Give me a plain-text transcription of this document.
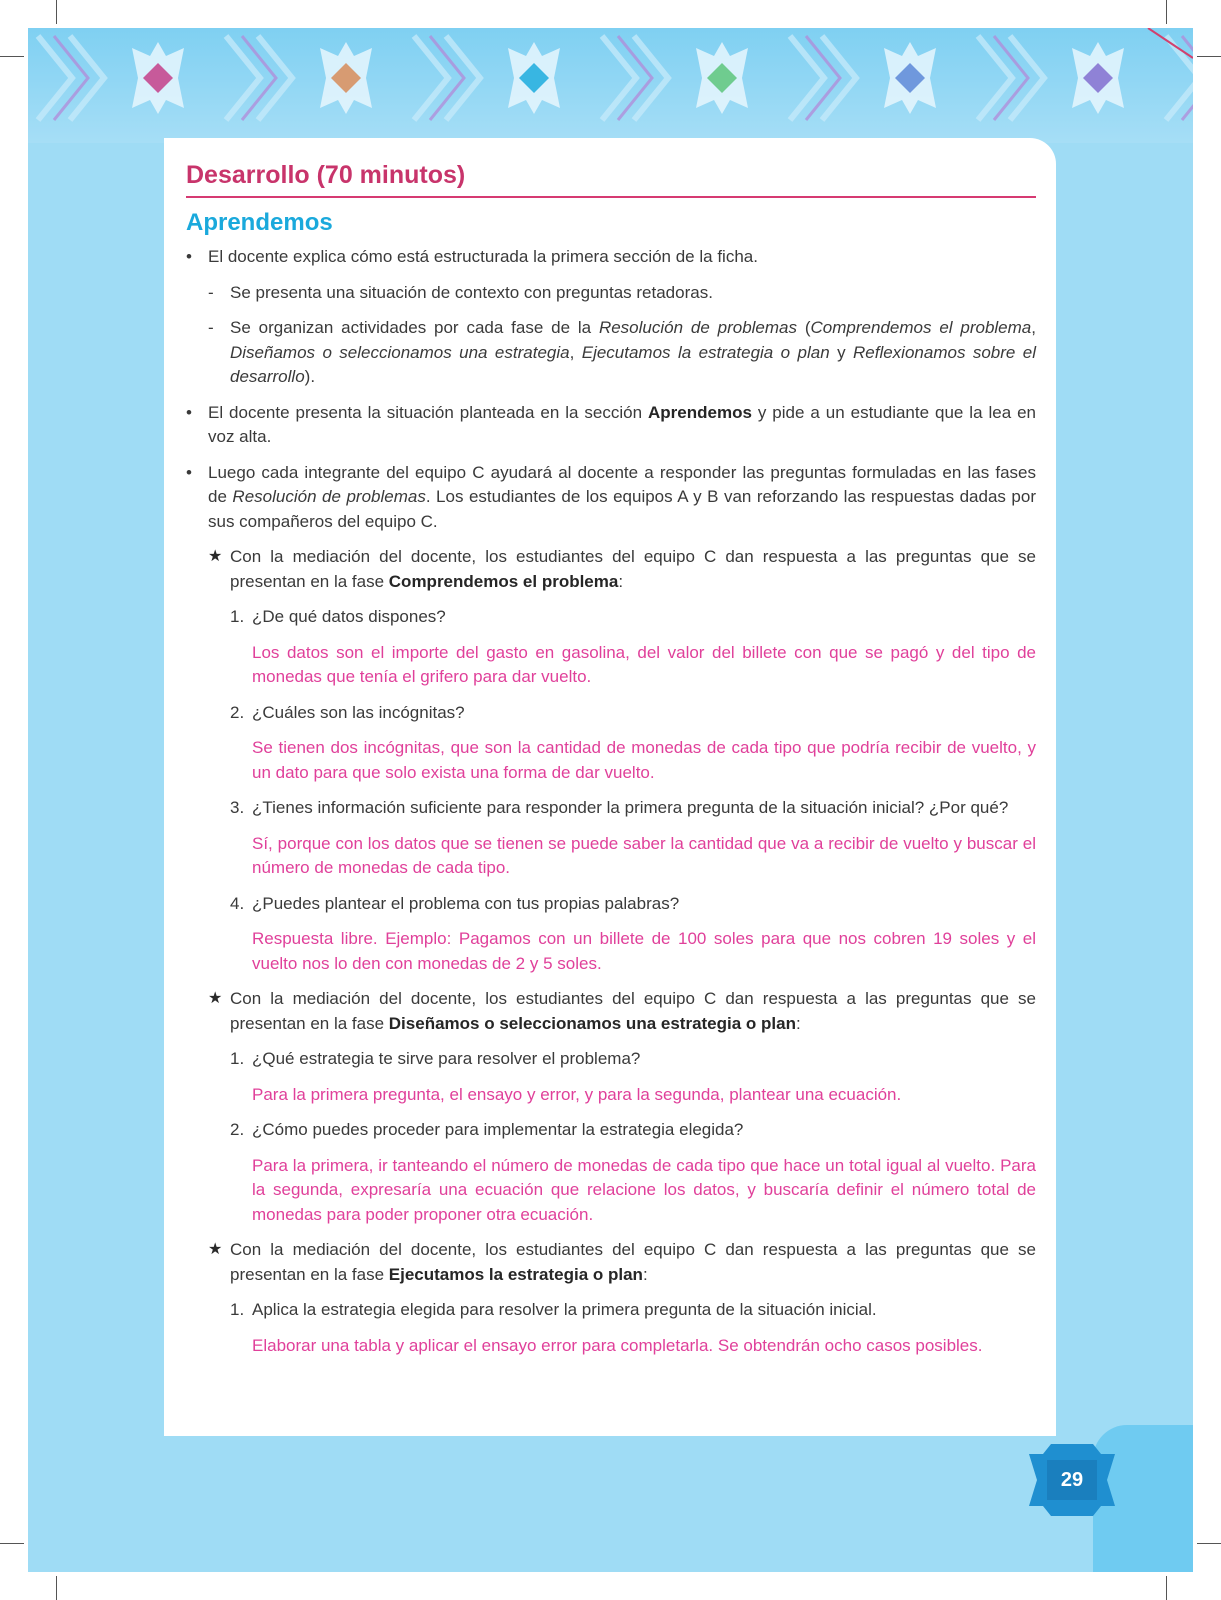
Desarrollo (70 minutos)
Aprendemos
• El docente explica cómo está estructurada la primera sección de la ficha.
- Se presenta una situación de contexto con preguntas retadoras.
- Se organizan actividades por cada fase de la Resolución de problemas (Comprendemos el problema, Diseñamos o seleccionamos una estrategia, Ejecutamos la estrategia o plan y Reflexionamos sobre el desarrollo).
• El docente presenta la situación planteada en la sección Aprendemos y pide a un estudiante que la lea en voz alta.
• Luego cada integrante del equipo C ayudará al docente a responder las preguntas formuladas en las fases de Resolución de problemas. Los estudiantes de los equipos A y B van reforzando las respuestas dadas por sus compañeros del equipo C.
★ Con la mediación del docente, los estudiantes del equipo C dan respuesta a las preguntas que se presentan en la fase Comprendemos el problema:
1. ¿De qué datos dispones?
Los datos son el importe del gasto en gasolina, del valor del billete con que se pagó y del tipo de monedas que tenía el grifero para dar vuelto.
2. ¿Cuáles son las incógnitas?
Se tienen dos incógnitas, que son la cantidad de monedas de cada tipo que podría recibir de vuelto, y un dato para que solo exista una forma de dar vuelto.
3. ¿Tienes información suficiente para responder la primera pregunta de la situación inicial? ¿Por qué?
Sí, porque con los datos que se tienen se puede saber la cantidad que va a recibir de vuelto y buscar el número de monedas de cada tipo.
4. ¿Puedes plantear el problema con tus propias palabras?
Respuesta libre. Ejemplo: Pagamos con un billete de 100 soles para que nos cobren 19 soles y el vuelto nos lo den con monedas de 2 y 5 soles.
★ Con la mediación del docente, los estudiantes del equipo C dan respuesta a las preguntas que se presentan en la fase Diseñamos o seleccionamos una estrategia o plan:
1. ¿Qué estrategia te sirve para resolver el problema?
Para la primera pregunta, el ensayo y error, y para la segunda, plantear una ecuación.
2. ¿Cómo puedes proceder para implementar la estrategia elegida?
Para la primera, ir tanteando el número de monedas de cada tipo que hace un total igual al vuelto. Para la segunda, expresaría una ecuación que relacione los datos, y buscaría definir el número total de monedas para poder proponer otra ecuación.
★ Con la mediación del docente, los estudiantes del equipo C dan respuesta a las preguntas que se presentan en la fase Ejecutamos la estrategia o plan:
1. Aplica la estrategia elegida para resolver la primera pregunta de la situación inicial.
Elaborar una tabla y aplicar el ensayo error para completarla. Se obtendrán ocho casos posibles.
29
